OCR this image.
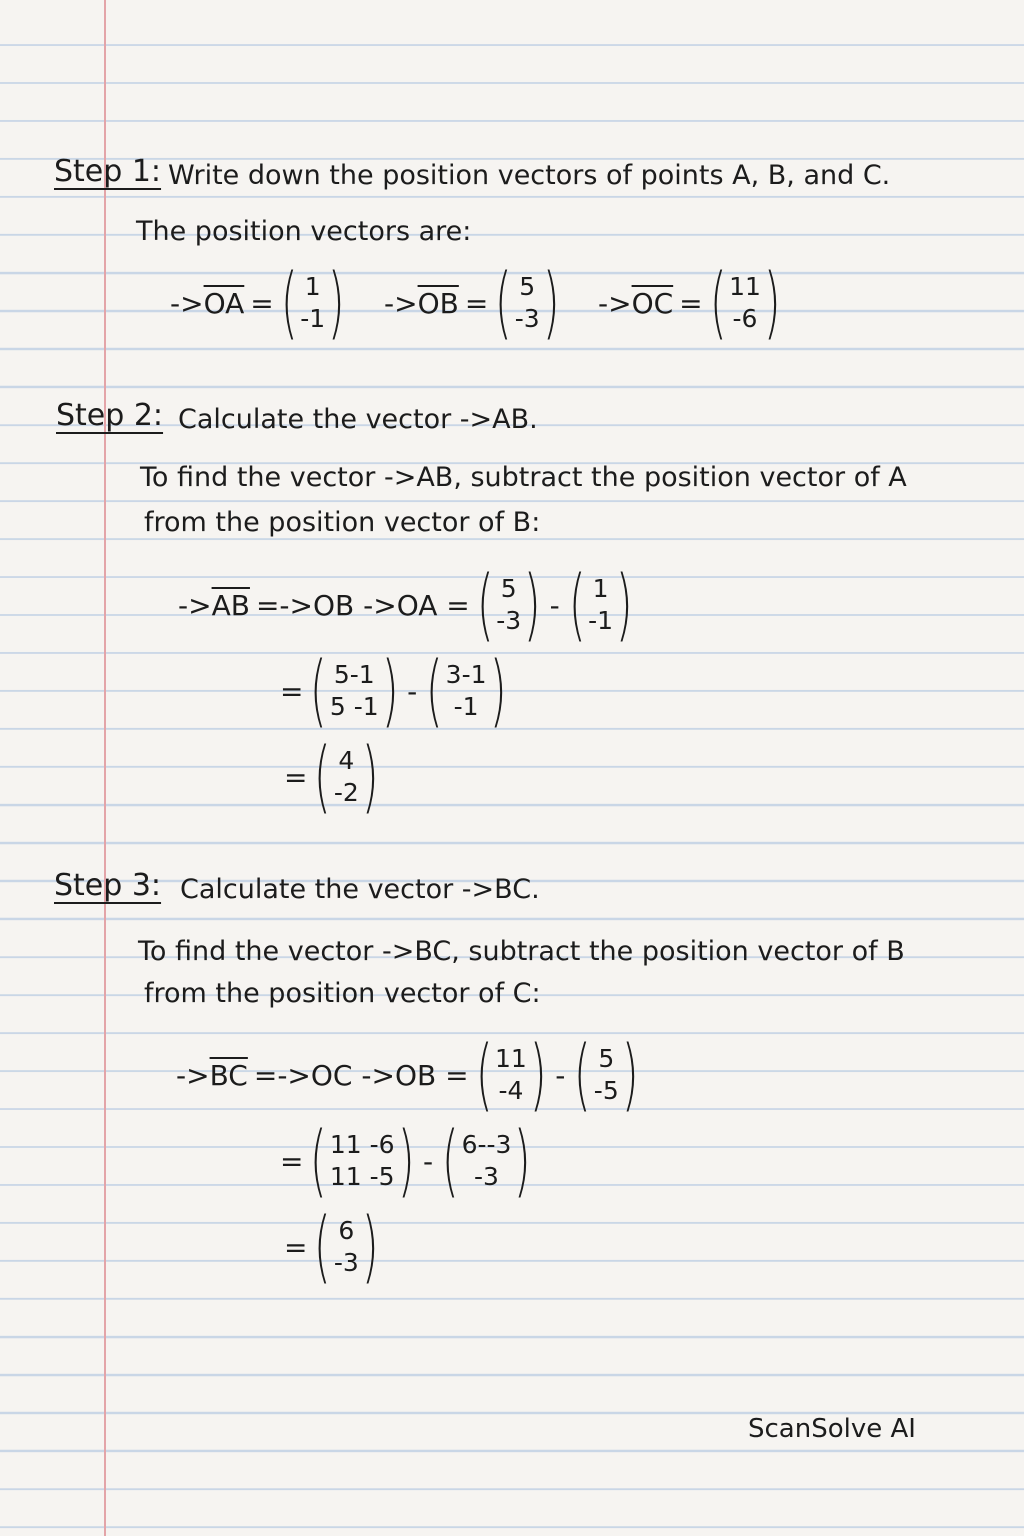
Step 1: Write down the position vectors of points A, B, and C.
The position vectors are:
-> $\overline{OA}$ = ( 1
-1 ) -> $\overline{OB}$ = ( 5
-3 ) -> $\overline{OC}$ = ( 11
-6 )
Step 2: Calculate the vector ->AB.
To find the vector ->AB, subtract the position vector of A
from the position vector of B:
-> $\overline{AB} =->OB$ ->OA = ( 5
-3 ) - ( 1
-1 )
= ( 5-1
5 -1 ) - ( 3-1
-1 )
= ( 4
-2 )
Step 3: Calculate the vector ->BC.
To find the vector ->BC, subtract the position vector of B
from the position vector of C:
-> $\overline{BC} =->OC$ ->OB = ( 11
-4 ) - ( 5
-5 )
= ( 11 -6
11 -5 ) - ( 6--3
-3 )
= ( 6
-3 )
ScanSolve AI
